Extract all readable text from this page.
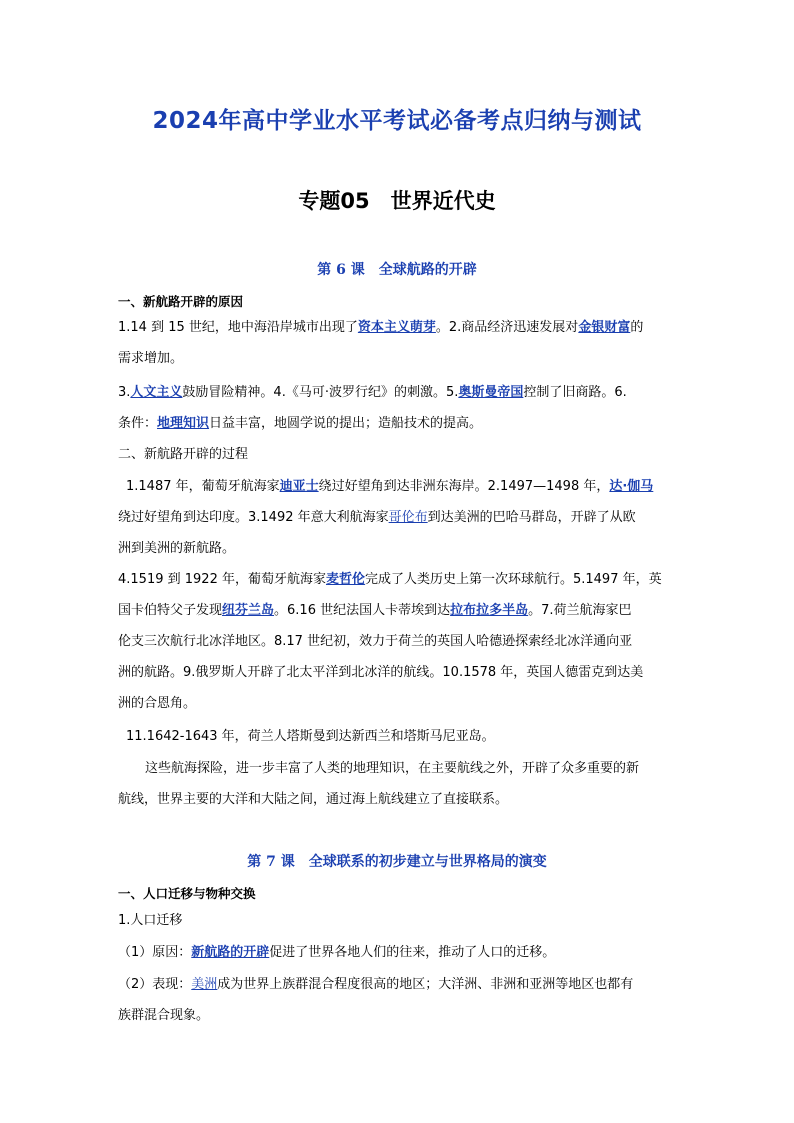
2024年高中学业水平考试必备考点归纳与测试
专题05　世界近代史
第 6 课　全球航路的开辟
一、新航路开辟的原因
1.14 到 15 世纪，地中海沿岸城市出现了资本主义萌芽。2.商品经济迅速发展对金银财富的
需求增加。
3.人文主义鼓励冒险精神。4.《马可·波罗行纪》的刺激。5.奥斯曼帝国控制了旧商路。6.
条件：地理知识日益丰富，地圆学说的提出；造船技术的提高。
二、新航路开辟的过程
1.1487 年，葡萄牙航海家迪亚士绕过好望角到达非洲东海岸。2.1497—1498 年，达·伽马
绕过好望角到达印度。3.1492 年意大利航海家哥伦布到达美洲的巴哈马群岛，开辟了从欧
洲到美洲的新航路。
4.1519 到 1922 年，葡萄牙航海家麦哲伦完成了人类历史上第一次环球航行。5.1497 年，英
国卡伯特父子发现纽芬兰岛。6.16 世纪法国人卡蒂埃到达拉布拉多半岛。7.荷兰航海家巴
伦支三次航行北冰洋地区。8.17 世纪初，效力于荷兰的英国人哈德逊探索经北冰洋通向亚
洲的航路。9.俄罗斯人开辟了北太平洋到北冰洋的航线。10.1578 年，英国人德雷克到达美
洲的合恩角。
11.1642-1643 年，荷兰人塔斯曼到达新西兰和塔斯马尼亚岛。
这些航海探险，进一步丰富了人类的地理知识，在主要航线之外，开辟了众多重要的新
航线，世界主要的大洋和大陆之间，通过海上航线建立了直接联系。
第 7 课　全球联系的初步建立与世界格局的演变
一、人口迁移与物种交换
1.人口迁移
（1）原因：新航路的开辟促进了世界各地人们的往来，推动了人口的迁移。
（2）表现：美洲成为世界上族群混合程度很高的地区；大洋洲、非洲和亚洲等地区也都有
族群混合现象。
